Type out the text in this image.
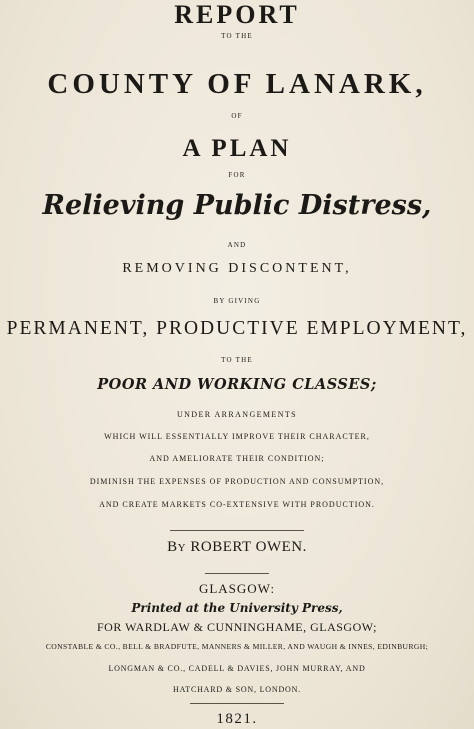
REPORT
TO THE
COUNTY OF LANARK,
OF
A PLAN
FOR
Relieving Public Distress,
AND
REMOVING DISCONTENT,
BY GIVING
PERMANENT, PRODUCTIVE EMPLOYMENT,
TO THE
POOR AND WORKING CLASSES;
UNDER ARRANGEMENTS
WHICH WILL ESSENTIALLY IMPROVE THEIR CHARACTER,
AND AMELIORATE THEIR CONDITION;
DIMINISH THE EXPENSES OF PRODUCTION AND CONSUMPTION,
AND CREATE MARKETS CO-EXTENSIVE WITH PRODUCTION.
By ROBERT OWEN.
GLASGOW:
Printed at the University Press,
FOR WARDLAW & CUNNINGHAME, GLASGOW;
CONSTABLE & CO., BELL & BRADFUTE, MANNERS & MILLER, AND WAUGH & INNES, EDINBURGH;
LONGMAN & CO., CADELL & DAVIES, JOHN MURRAY, AND
HATCHARD & SON, LONDON.
1821.
